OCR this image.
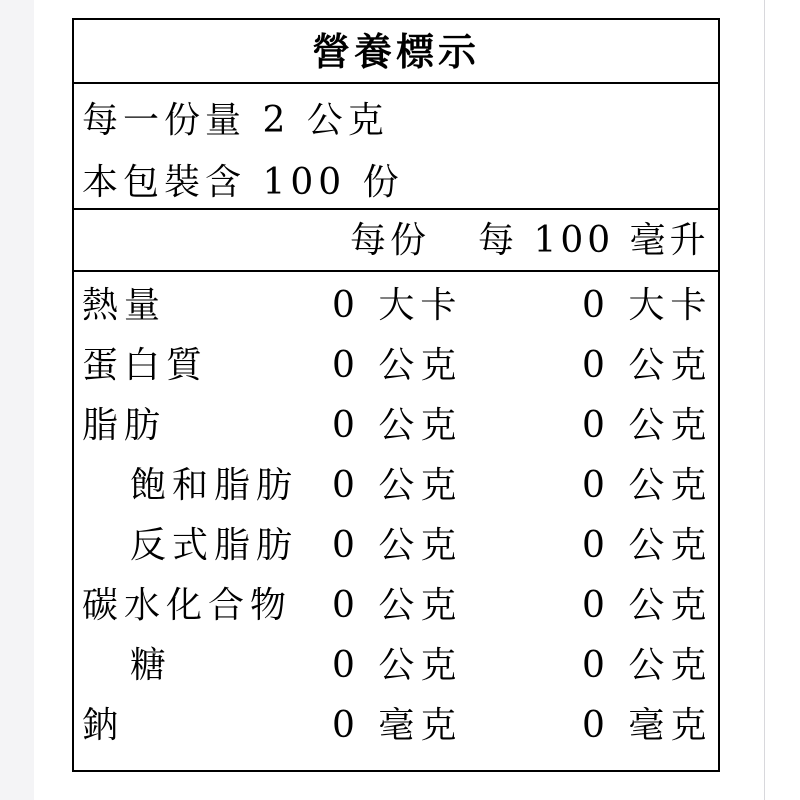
營養標示
每一份量 2 公克
本包裝含 100 份
每份 每 100 毫升
熱量	0 大卡	0 大卡
蛋白質	0 公克	0 公克
脂肪	0 公克	0 公克
飽和脂肪 0 公克	0 公克
反式脂肪 0 公克	0 公克
碳水化合物 0 公克	0 公克
糖	0 公克	0 公克
鈉	0 毫克	0 毫克
